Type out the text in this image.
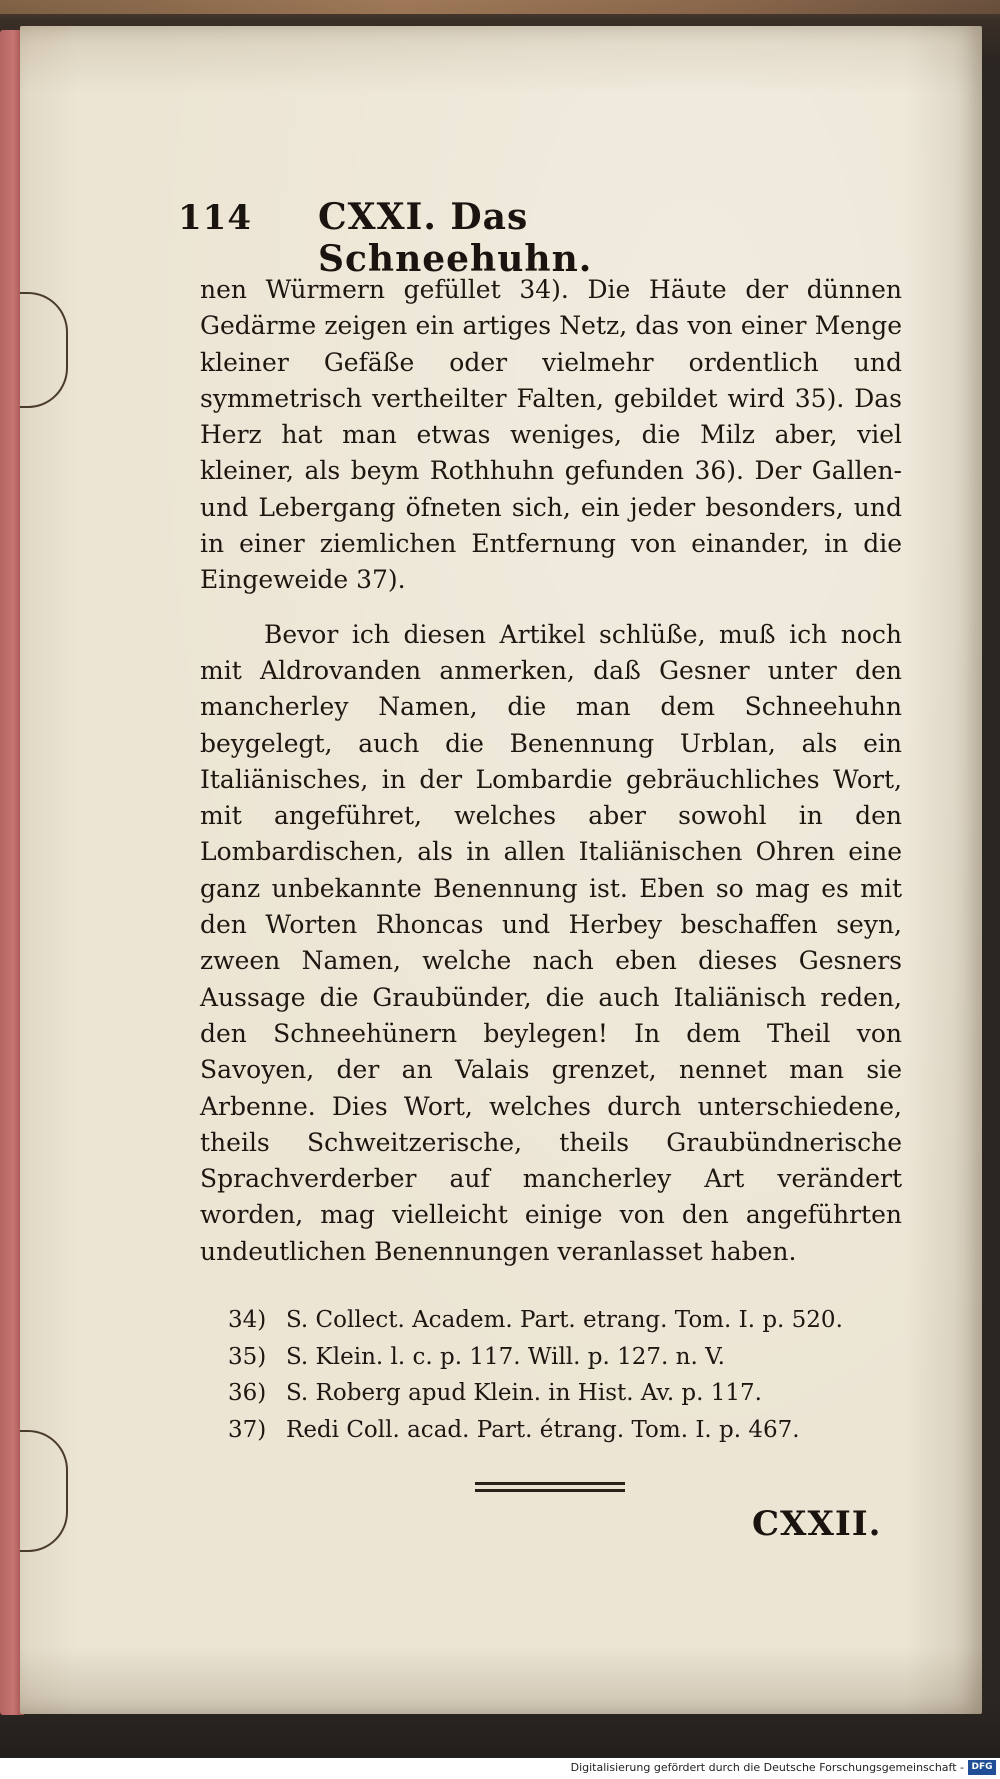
114 CXXI. Das Schneehuhn.

nen Würmern gefüllet 34). Die Häute der dünnen Gedärme zeigen ein artiges Netz, das von einer Menge kleiner Gefäße oder vielmehr ordentlich und symmetrisch vertheilter Falten, gebildet wird 35). Das Herz hat man etwas weniges, die Milz aber, viel kleiner, als beym Rothhuhn gefunden 36). Der Gallen- und Lebergang öfneten sich, ein jeder besonders, und in einer ziemlichen Entfernung von einander, in die Eingeweide 37).

Bevor ich diesen Artikel schlüße, muß ich noch mit Aldrovanden anmerken, daß Gesner unter den mancherley Namen, die man dem Schneehuhn beygelegt, auch die Benennung Urblan, als ein Italiänisches, in der Lombardie gebräuchliches Wort, mit angeführet, welches aber sowohl in den Lombardischen, als in allen Italiänischen Ohren eine ganz unbekannte Benennung ist. Eben so mag es mit den Worten Rhoncas und Herbey beschaffen seyn, zween Namen, welche nach eben dieses Gesners Aussage die Graubünder, die auch Italiänisch reden, den Schneehünern beylegen! In dem Theil von Savoyen, der an Valais grenzet, nennet man sie Arbenne. Dies Wort, welches durch unterschiedene, theils Schweitzerische, theils Graubündnerische Sprachverderber auf mancherley Art verändert worden, mag vielleicht einige von den angeführten undeutlichen Benennungen veranlasset haben.

34) S. Collect. Academ. Part. etrang. Tom. I. p. 520.
35) S. Klein. l. c. p. 117. Will. p. 127. n. V.
36) S. Roberg apud Klein. in Hist. Av. p. 117.
37) Redi Coll. acad. Part. étrang. Tom. I. p. 467.
CXXII.
Digitalisierung gefördert durch die Deutsche Forschungsgemeinschaft - DFG
